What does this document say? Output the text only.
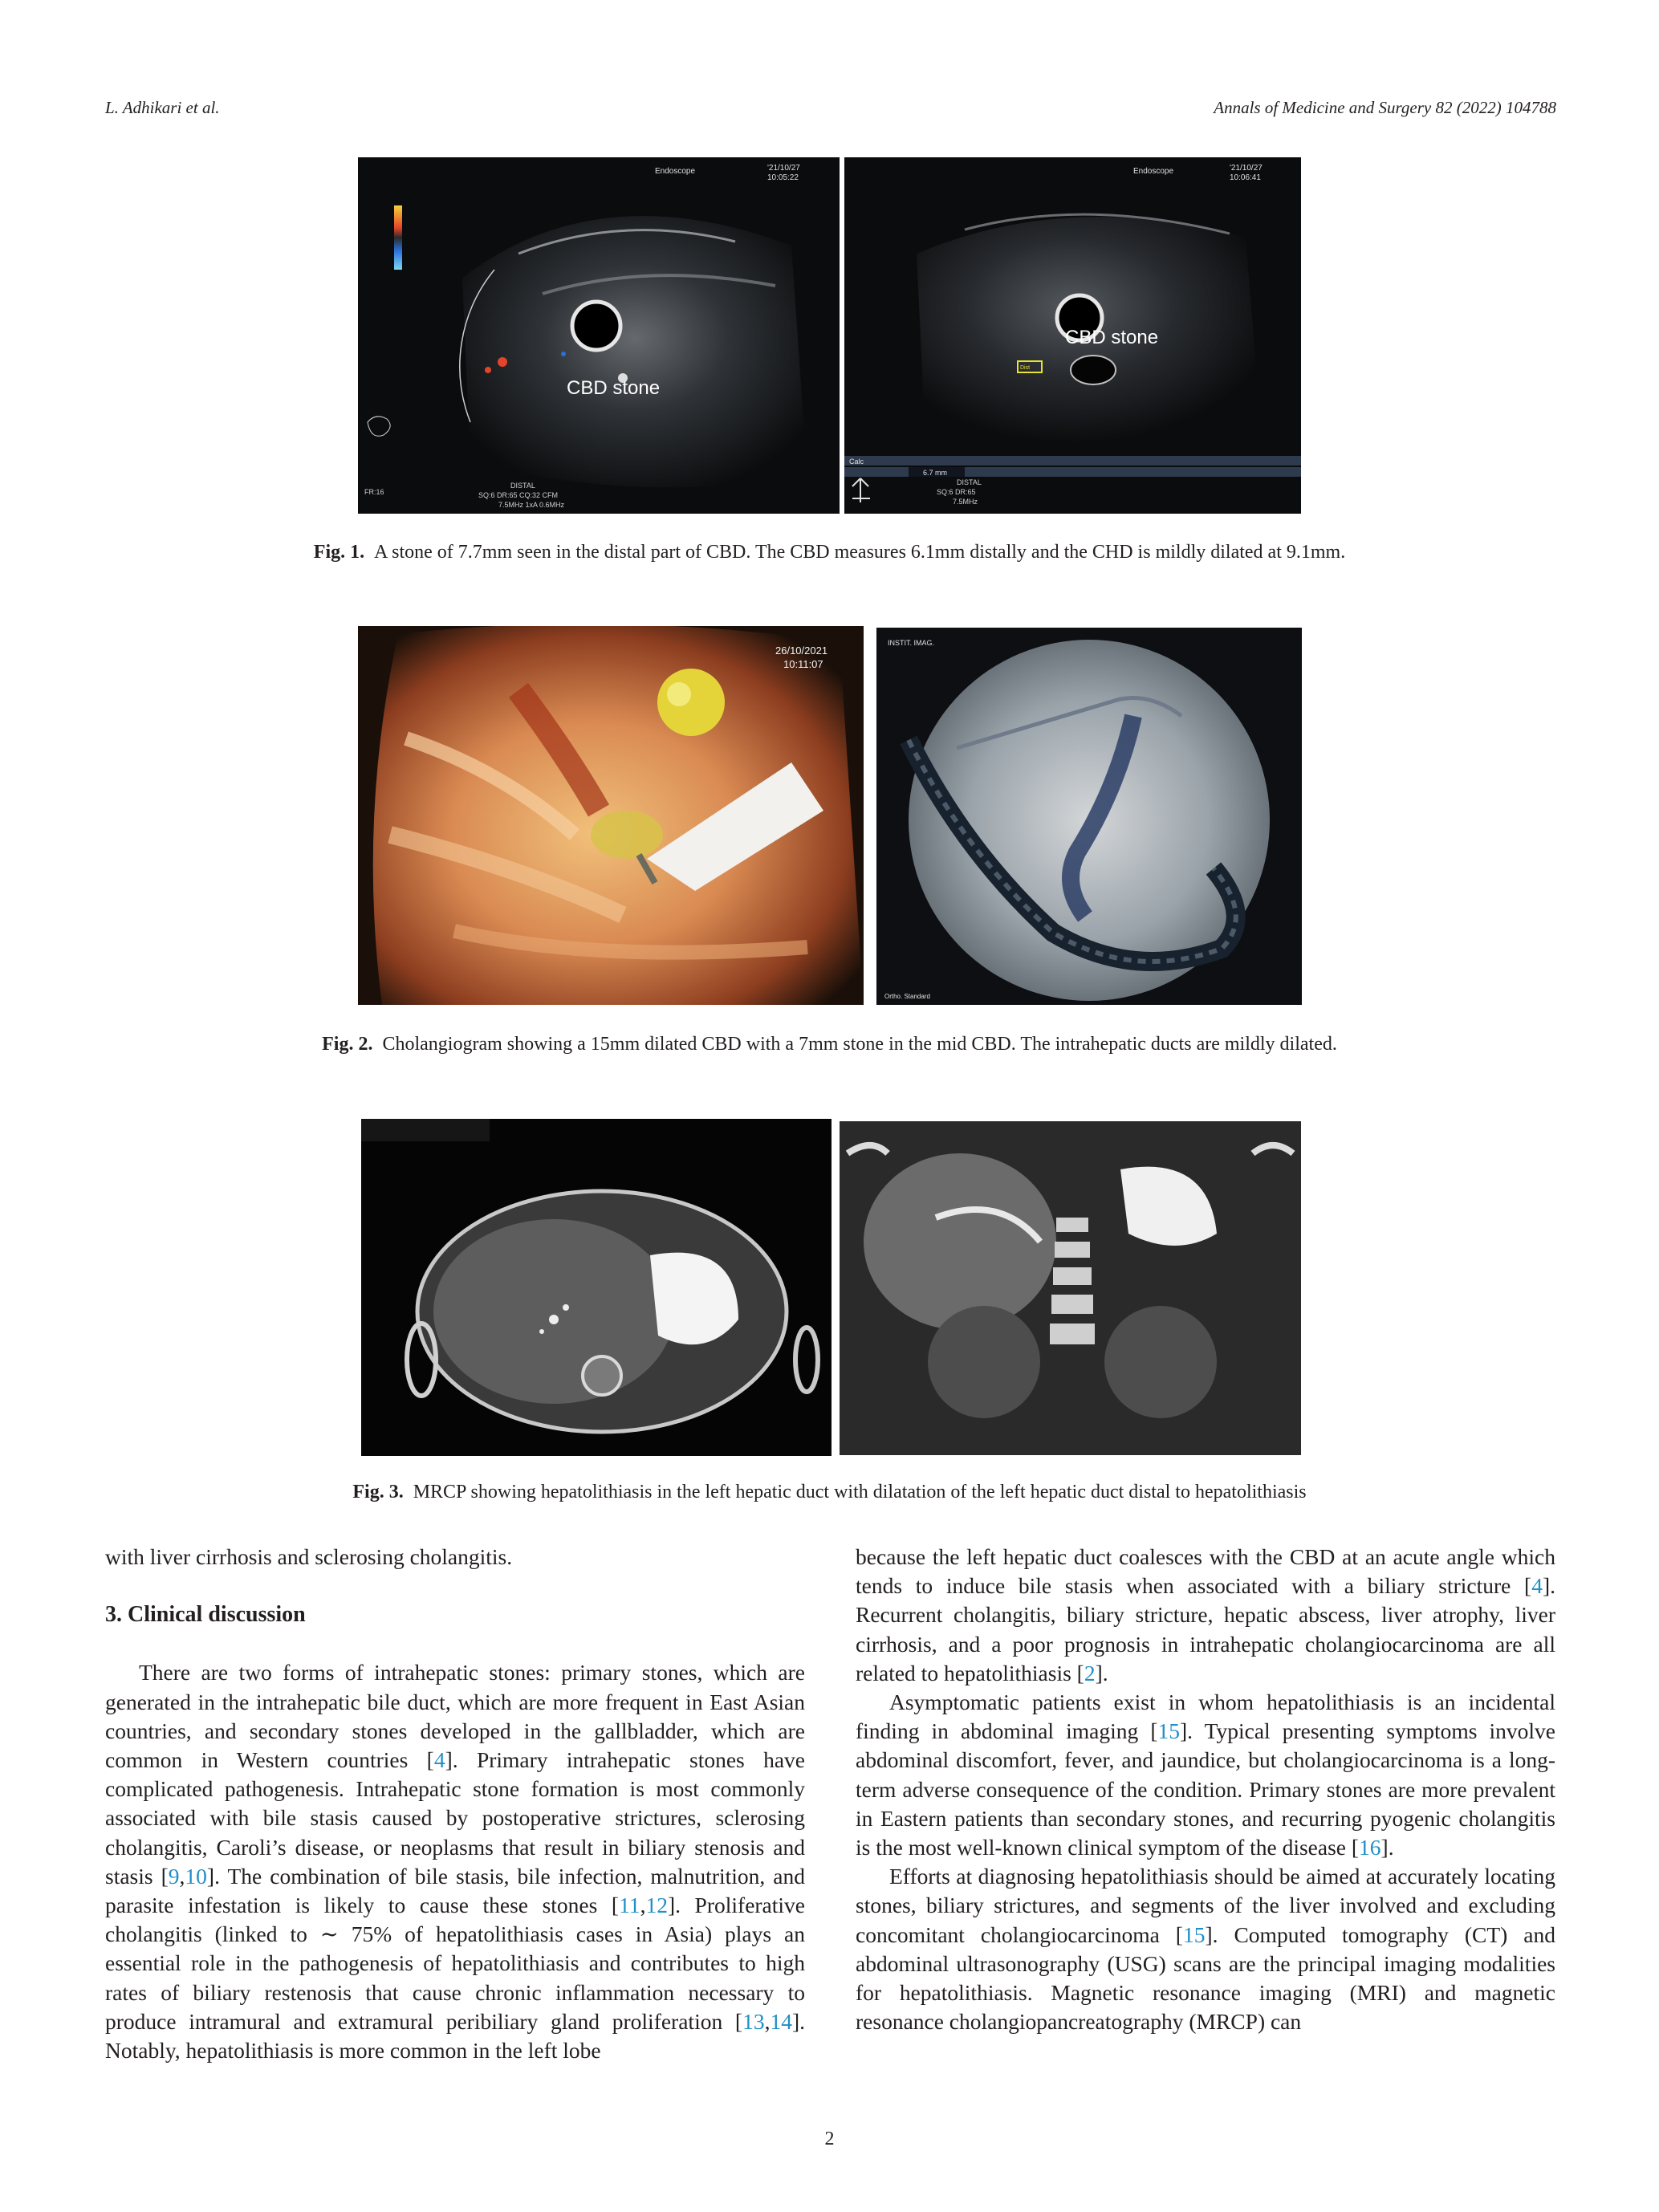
L. Adhikari et al.	Annals of Medicine and Surgery 82 (2022) 104788
CBD stone
Endoscope	'21/10/27
10:05:22
FR:16
DISTAL
SQ:6 DR:65 CQ:32 CFM
7.5MHz 1xA 0.6MHz
Dist
CBD stone
Endoscope	'21/10/27
10:06:41
Calc
6.7 mm
DISTAL
SQ:6 DR:65
7.5MHz
Fig. 1. A stone of 7.7mm seen in the distal part of CBD. The CBD measures 6.1mm distally and the CHD is mildly dilated at 9.1mm.
26/10/2021
10:11:07
INSTIT. IMAG.
Ortho. Standard
Fig. 2. Cholangiogram showing a 15mm dilated CBD with a 7mm stone in the mid CBD. The intrahepatic ducts are mildly dilated.
Fig. 3. MRCP showing hepatolithiasis in the left hepatic duct with dilatation of the left hepatic duct distal to hepatolithiasis

with liver cirrhosis and sclerosing cholangitis.

3. Clinical discussion

There are two forms of intrahepatic stones: primary stones, which are generated in the intrahepatic bile duct, which are more frequent in East Asian countries, and secondary stones developed in the gallbladder, which are common in Western countries [4]. Primary intrahepatic stones have complicated pathogenesis. Intrahepatic stone formation is most commonly associated with bile stasis caused by postoperative strictures, sclerosing cholangitis, Caroli’s disease, or neoplasms that result in biliary stenosis and stasis [9,10]. The combination of bile stasis, bile infection, malnutrition, and parasite infestation is likely to cause these stones [11,12]. Proliferative cholangitis (linked to ∼ 75% of hepatolithiasis cases in Asia) plays an essential role in the pathogenesis of hepatolithiasis and contributes to high rates of biliary restenosis that cause chronic inflammation necessary to produce intramural and extramural peribiliary gland proliferation [13,14]. Notably, hepatolithiasis is more common in the left lobe

because the left hepatic duct coalesces with the CBD at an acute angle which tends to induce bile stasis when associated with a biliary stricture [4]. Recurrent cholangitis, biliary stricture, hepatic abscess, liver atrophy, liver cirrhosis, and a poor prognosis in intrahepatic cholangiocarcinoma are all related to hepatolithiasis [2].

Asymptomatic patients exist in whom hepatolithiasis is an incidental finding in abdominal imaging [15]. Typical presenting symptoms involve abdominal discomfort, fever, and jaundice, but cholangiocarcinoma is a long-term adverse consequence of the condition. Primary stones are more prevalent in Eastern patients than secondary stones, and recurring pyogenic cholangitis is the most well-known clinical symptom of the disease [16].

Efforts at diagnosing hepatolithiasis should be aimed at accurately locating stones, biliary strictures, and segments of the liver involved and excluding concomitant cholangiocarcinoma [15]. Computed tomography (CT) and abdominal ultrasonography (USG) scans are the principal imaging modalities for hepatolithiasis. Magnetic resonance imaging (MRI) and magnetic resonance cholangiopancreatography (MRCP) can

2
